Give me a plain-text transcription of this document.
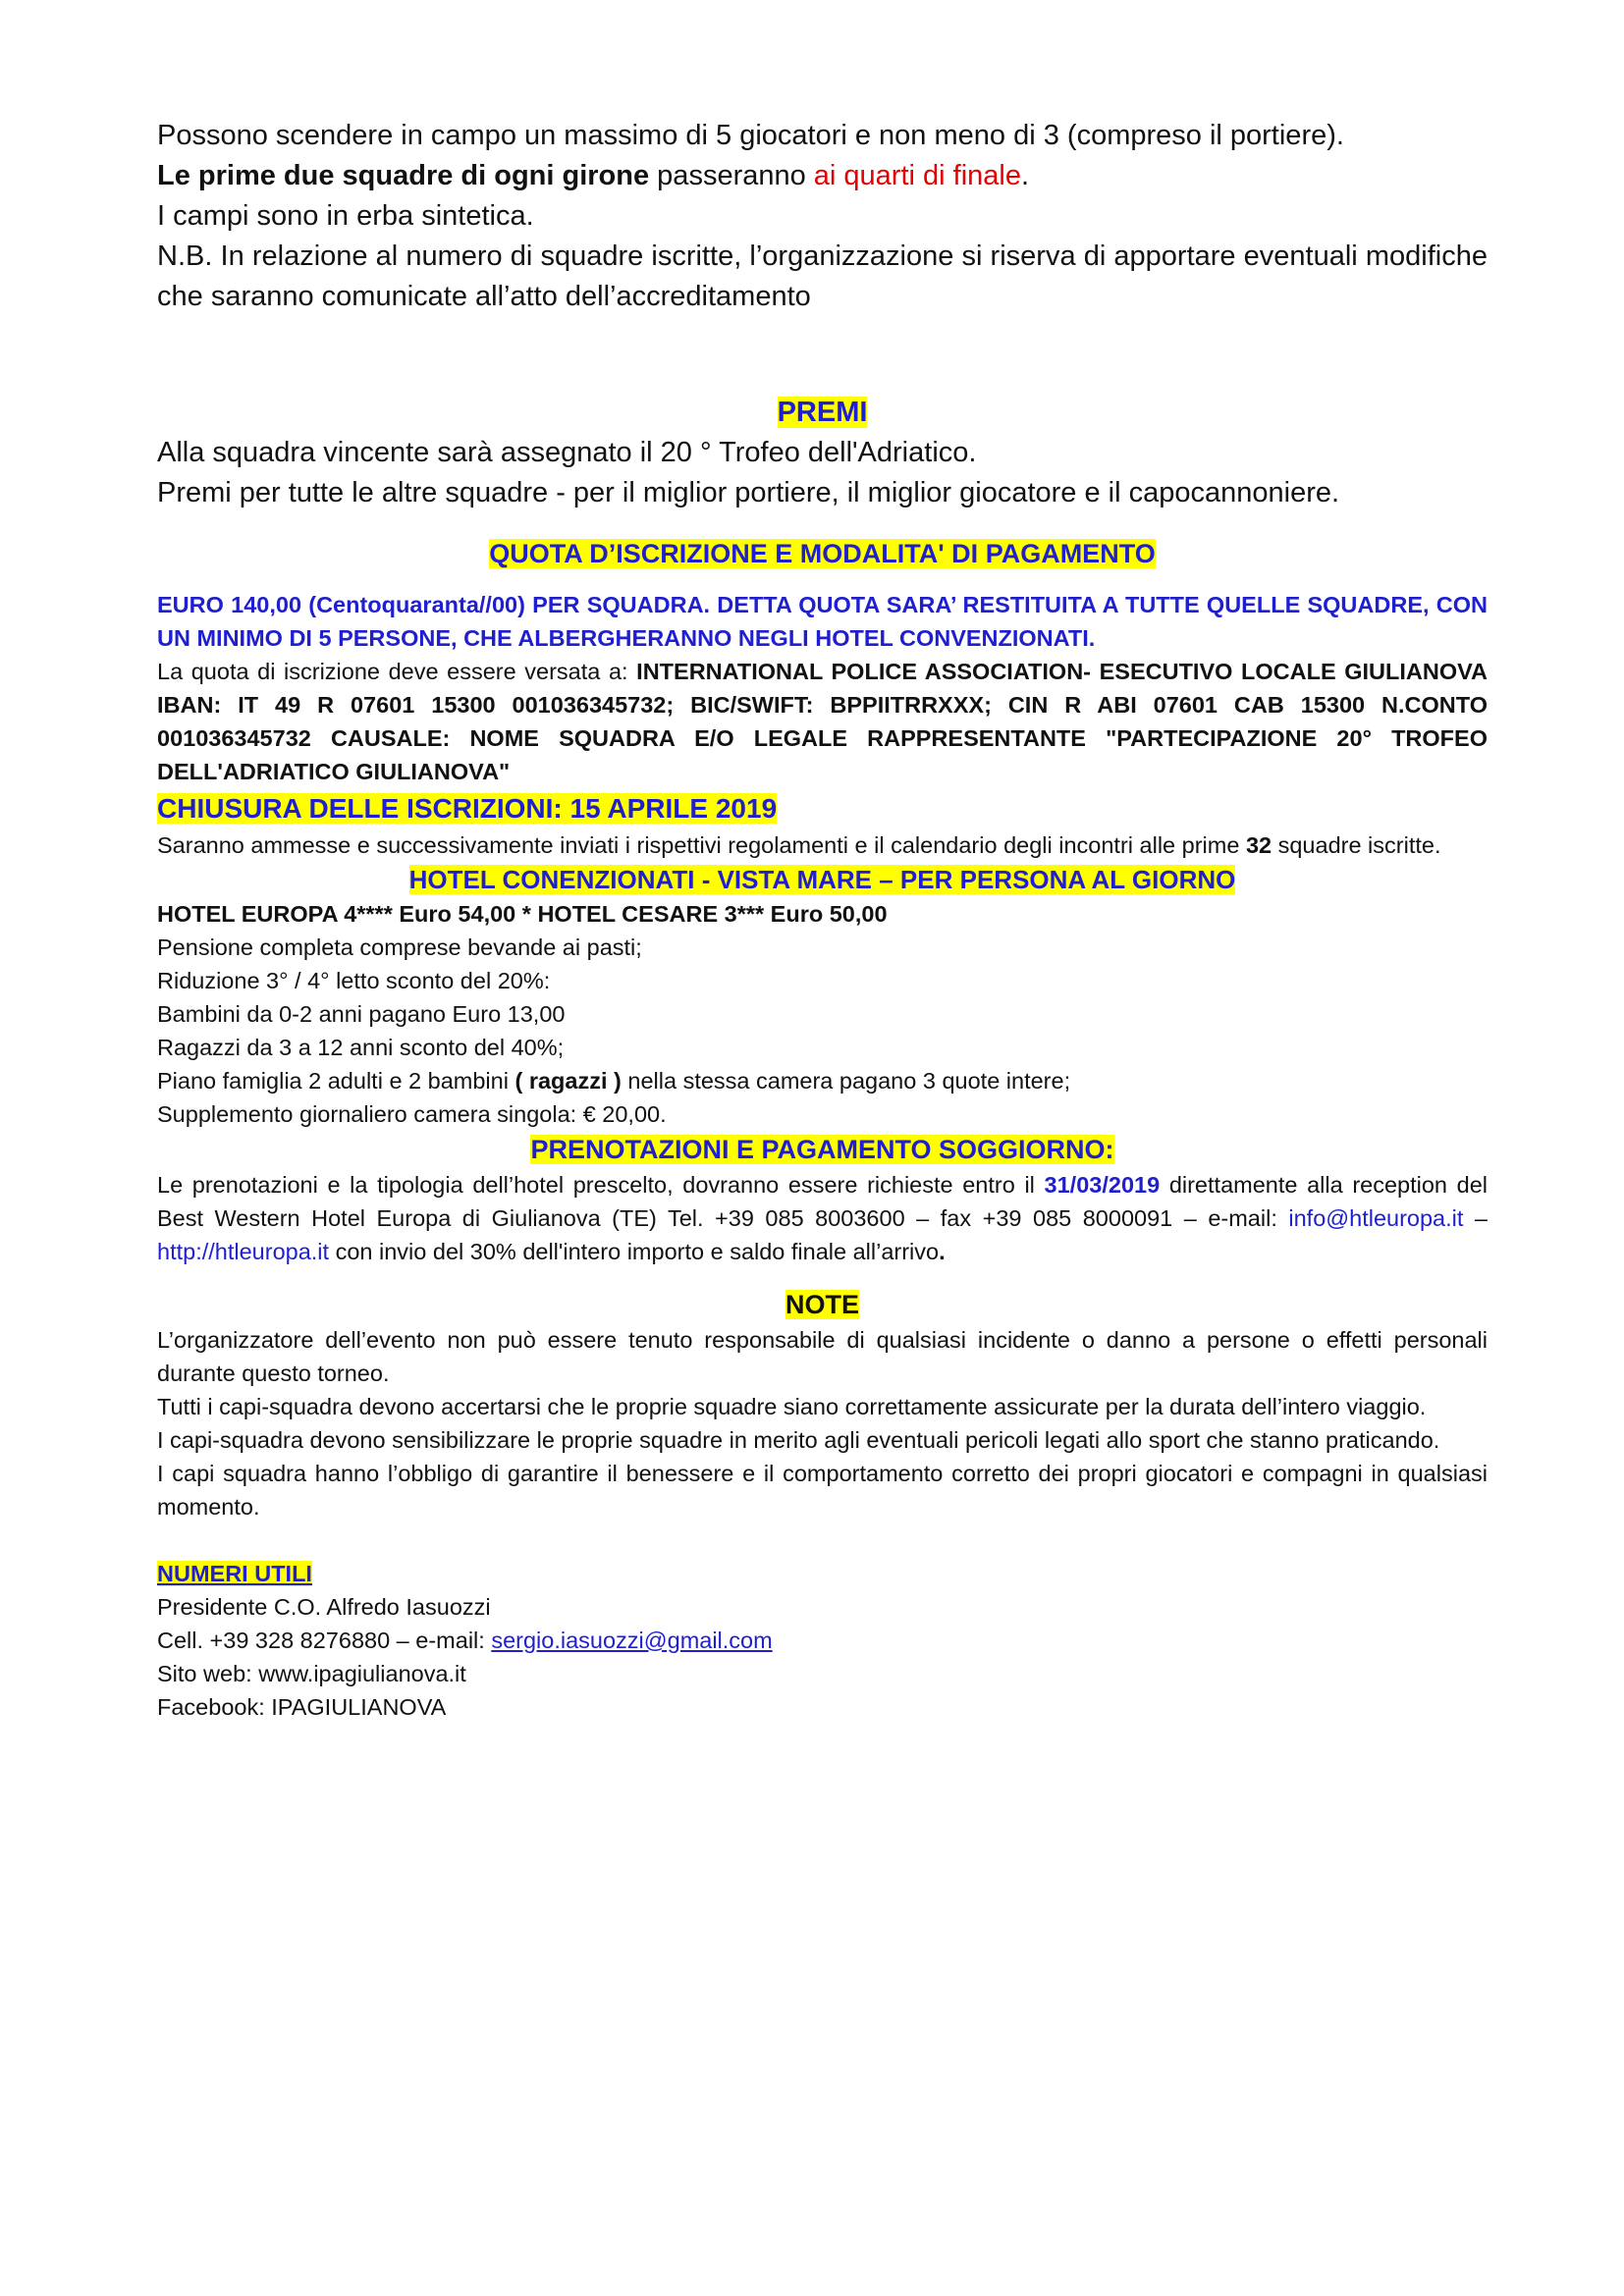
Possono scendere in campo un massimo di 5 giocatori e non meno di 3 (compreso il portiere).

Le prime due squadre di ogni girone passeranno ai quarti di finale.

I campi sono in erba sintetica.

N.B. In relazione al numero di squadre iscritte, l’organizzazione si riserva di apportare eventuali modifiche che saranno comunicate all’atto dell’accreditamento

PREMI

Alla squadra vincente sarà assegnato il 20 ° Trofeo dell'Adriatico.

Premi per tutte le altre squadre - per il miglior portiere, il miglior giocatore e il capocannoniere.

QUOTA D’ISCRIZIONE E MODALITA' DI PAGAMENTO

EURO 140,00 (Centoquaranta//00) PER SQUADRA. DETTA QUOTA SARA’ RESTITUITA A TUTTE QUELLE SQUADRE, CON UN MINIMO DI 5 PERSONE, CHE ALBERGHERANNO NEGLI HOTEL CONVENZIONATI.

La quota di iscrizione deve essere versata a: INTERNATIONAL POLICE ASSOCIATION- ESECUTIVO LOCALE GIULIANOVA IBAN: IT 49 R 07601 15300 001036345732; BIC/SWIFT: BPPIITRRXXX; CIN R ABI 07601 CAB 15300 N.CONTO 001036345732 CAUSALE: NOME SQUADRA E/O LEGALE RAPPRESENTANTE "PARTECIPAZIONE 20° TROFEO DELL'ADRIATICO GIULIANOVA"

CHIUSURA DELLE ISCRIZIONI: 15 APRILE 2019

Saranno ammesse e successivamente inviati i rispettivi regolamenti e il calendario degli incontri alle prime 32 squadre iscritte.

HOTEL CONENZIONATI - VISTA MARE – PER PERSONA AL GIORNO

HOTEL EUROPA 4**** Euro 54,00 * HOTEL CESARE 3*** Euro 50,00

Pensione completa comprese bevande ai pasti;

Riduzione 3° / 4° letto sconto del 20%:

Bambini da 0-2 anni pagano Euro 13,00

Ragazzi da 3 a 12 anni sconto del 40%;

Piano famiglia 2 adulti e 2 bambini ( ragazzi ) nella stessa camera pagano 3 quote intere;

Supplemento giornaliero camera singola: € 20,00.

PRENOTAZIONI E PAGAMENTO SOGGIORNO:

Le prenotazioni e la tipologia dell’hotel prescelto, dovranno essere richieste entro il 31/03/2019 direttamente alla reception del Best Western Hotel Europa di Giulianova (TE) Tel. +39 085 8003600 – fax +39 085 8000091 – e-mail: info@htleuropa.it – http://htleuropa.it con invio del 30% dell'intero importo e saldo finale all’arrivo.

NOTE

L’organizzatore dell’evento non può essere tenuto responsabile di qualsiasi incidente o danno a persone o effetti personali durante questo torneo.

Tutti i capi-squadra devono accertarsi che le proprie squadre siano correttamente assicurate per la durata dell’intero viaggio.

I capi-squadra devono sensibilizzare le proprie squadre in merito agli eventuali pericoli legati allo sport che stanno praticando.

I capi squadra hanno l’obbligo di garantire il benessere e il comportamento corretto dei propri giocatori e compagni in qualsiasi momento.

NUMERI UTILI

Presidente C.O. Alfredo Iasuozzi

Cell. +39 328 8276880 – e-mail: sergio.iasuozzi@gmail.com

Sito web: www.ipagiulianova.it

Facebook: IPAGIULIANOVA
